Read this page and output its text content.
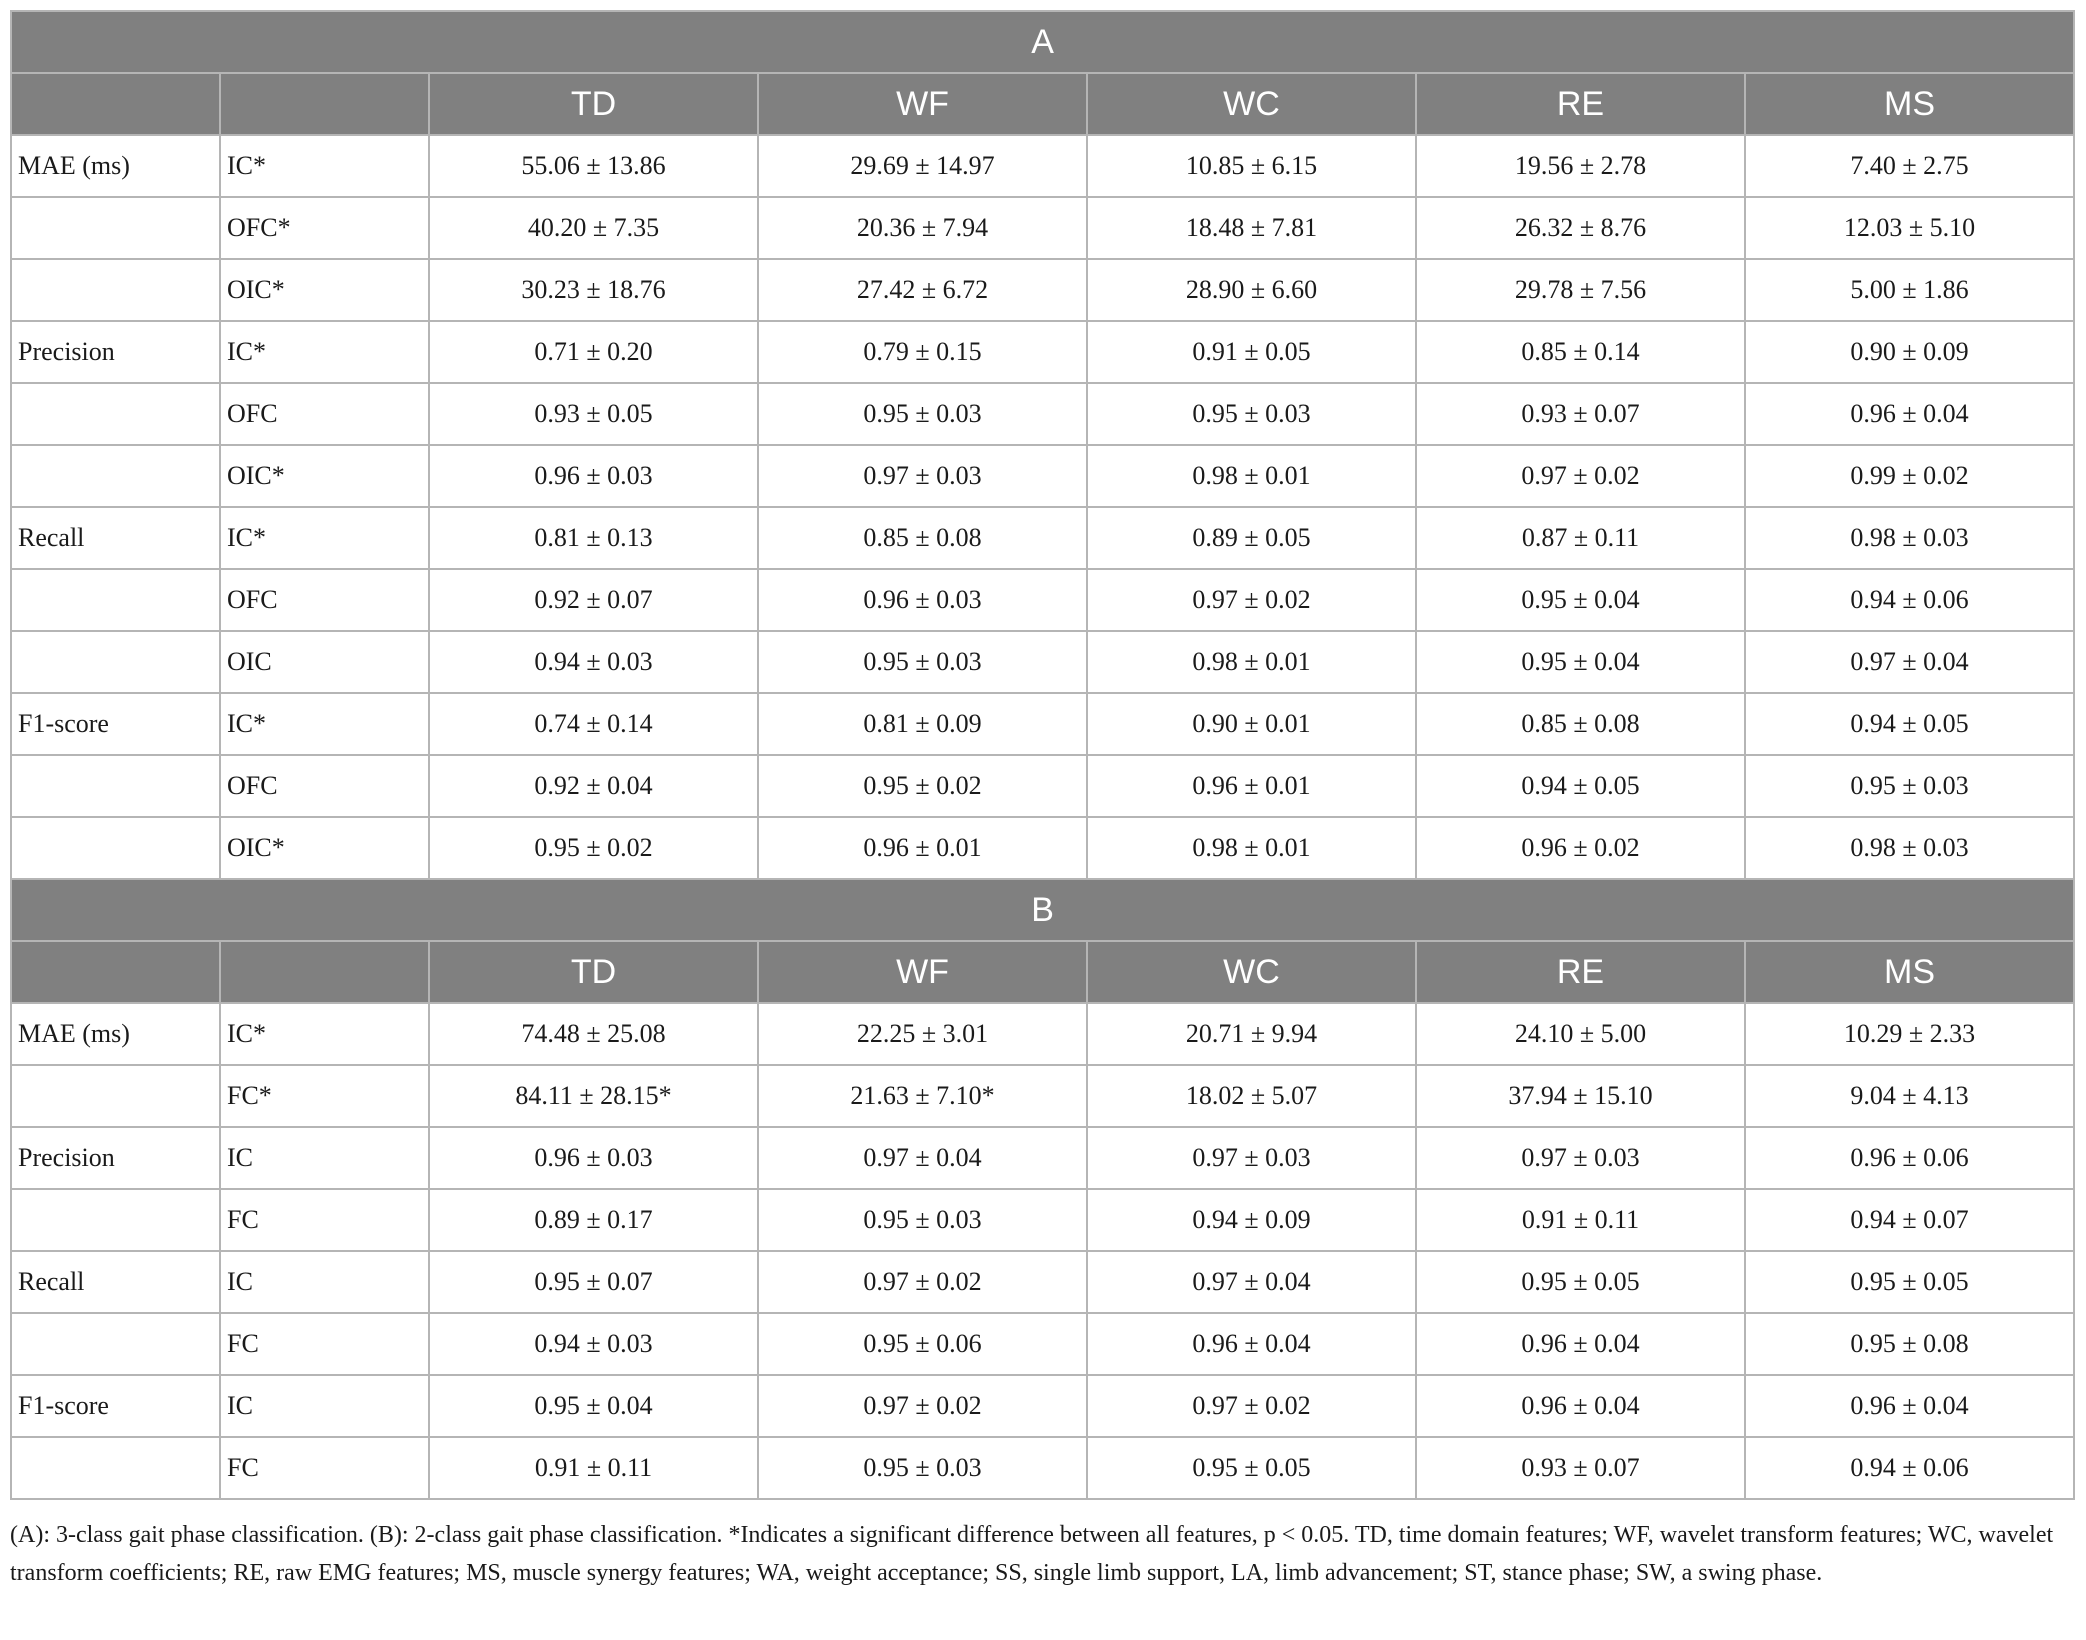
A						
		TD	WF	WC	RE	MS
MAE (ms)	IC*	55.06 ± 13.86	29.69 ± 14.97	10.85 ± 6.15	19.56 ± 2.78	7.40 ± 2.75
	OFC*	40.20 ± 7.35	20.36 ± 7.94	18.48 ± 7.81	26.32 ± 8.76	12.03 ± 5.10
	OIC*	30.23 ± 18.76	27.42 ± 6.72	28.90 ± 6.60	29.78 ± 7.56	5.00 ± 1.86
Precision	IC*	0.71 ± 0.20	0.79 ± 0.15	0.91 ± 0.05	0.85 ± 0.14	0.90 ± 0.09
	OFC	0.93 ± 0.05	0.95 ± 0.03	0.95 ± 0.03	0.93 ± 0.07	0.96 ± 0.04
	OIC*	0.96 ± 0.03	0.97 ± 0.03	0.98 ± 0.01	0.97 ± 0.02	0.99 ± 0.02
Recall	IC*	0.81 ± 0.13	0.85 ± 0.08	0.89 ± 0.05	0.87 ± 0.11	0.98 ± 0.03
	OFC	0.92 ± 0.07	0.96 ± 0.03	0.97 ± 0.02	0.95 ± 0.04	0.94 ± 0.06
	OIC	0.94 ± 0.03	0.95 ± 0.03	0.98 ± 0.01	0.95 ± 0.04	0.97 ± 0.04
F1-score	IC*	0.74 ± 0.14	0.81 ± 0.09	0.90 ± 0.01	0.85 ± 0.08	0.94 ± 0.05
	OFC	0.92 ± 0.04	0.95 ± 0.02	0.96 ± 0.01	0.94 ± 0.05	0.95 ± 0.03
	OIC*	0.95 ± 0.02	0.96 ± 0.01	0.98 ± 0.01	0.96 ± 0.02	0.98 ± 0.03
B						
		TD	WF	WC	RE	MS
MAE (ms)	IC*	74.48 ± 25.08	22.25 ± 3.01	20.71 ± 9.94	24.10 ± 5.00	10.29 ± 2.33
	FC*	84.11 ± 28.15*	21.63 ± 7.10*	18.02 ± 5.07	37.94 ± 15.10	9.04 ± 4.13
Precision	IC	0.96 ± 0.03	0.97 ± 0.04	0.97 ± 0.03	0.97 ± 0.03	0.96 ± 0.06
	FC	0.89 ± 0.17	0.95 ± 0.03	0.94 ± 0.09	0.91 ± 0.11	0.94 ± 0.07
Recall	IC	0.95 ± 0.07	0.97 ± 0.02	0.97 ± 0.04	0.95 ± 0.05	0.95 ± 0.05
	FC	0.94 ± 0.03	0.95 ± 0.06	0.96 ± 0.04	0.96 ± 0.04	0.95 ± 0.08
F1-score	IC	0.95 ± 0.04	0.97 ± 0.02	0.97 ± 0.02	0.96 ± 0.04	0.96 ± 0.04
	FC	0.91 ± 0.11	0.95 ± 0.03	0.95 ± 0.05	0.93 ± 0.07	0.94 ± 0.06
(A): 3-class gait phase classification. (B): 2-class gait phase classification. *Indicates a significant difference between all features, p < 0.05. TD, time domain features; WF, wavelet transform features; WC, wavelet transform coefficients; RE, raw EMG features; MS, muscle synergy features; WA, weight acceptance; SS, single limb support, LA, limb advancement; ST, stance phase; SW, a swing phase.
